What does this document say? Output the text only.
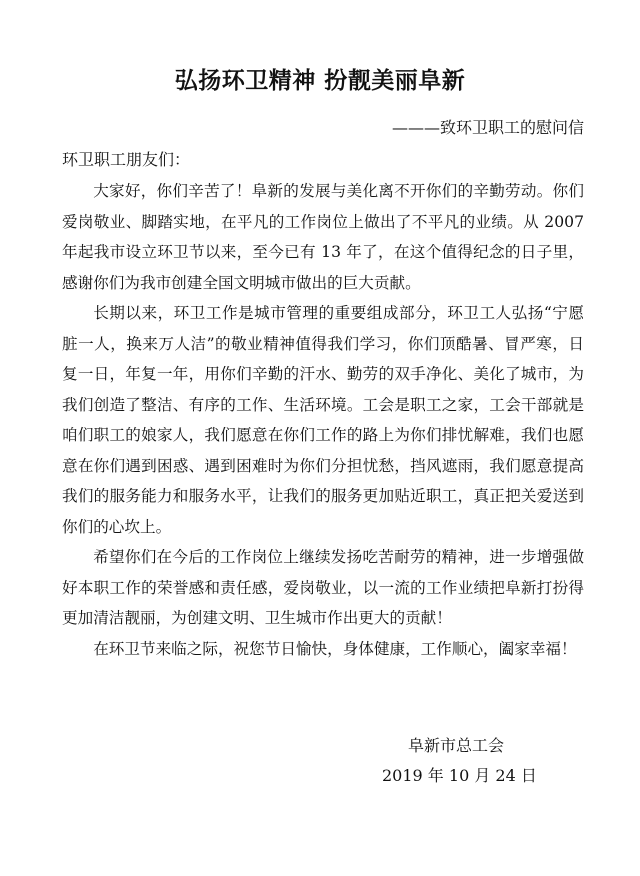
弘扬环卫精神 扮靓美丽阜新
———致环卫职工的慰问信
环卫职工朋友们：

大家好，你们辛苦了！阜新的发展与美化离不开你们的辛勤劳动。你们爱岗敬业、脚踏实地，在平凡的工作岗位上做出了不平凡的业绩。从 2007 年起我市设立环卫节以来，至今已有 13 年了，在这个值得纪念的日子里，感谢你们为我市创建全国文明城市做出的巨大贡献。

长期以来，环卫工作是城市管理的重要组成部分，环卫工人弘扬“宁愿脏一人，换来万人洁”的敬业精神值得我们学习，你们顶酷暑、冒严寒，日复一日，年复一年，用你们辛勤的汗水、勤劳的双手净化、美化了城市，为我们创造了整洁、有序的工作、生活环境。工会是职工之家，工会干部就是咱们职工的娘家人，我们愿意在你们工作的路上为你们排忧解难，我们也愿意在你们遇到困惑、遇到困难时为你们分担忧愁，挡风遮雨，我们愿意提高我们的服务能力和服务水平，让我们的服务更加贴近职工，真正把关爱送到你们的心坎上。

希望你们在今后的工作岗位上继续发扬吃苦耐劳的精神，进一步增强做好本职工作的荣誉感和责任感，爱岗敬业，以一流的工作业绩把阜新打扮得更加清洁靓丽，为创建文明、卫生城市作出更大的贡献！

在环卫节来临之际，祝您节日愉快，身体健康，工作顺心，阖家幸福！

阜新市总工会
2019 年 10 月 24 日
